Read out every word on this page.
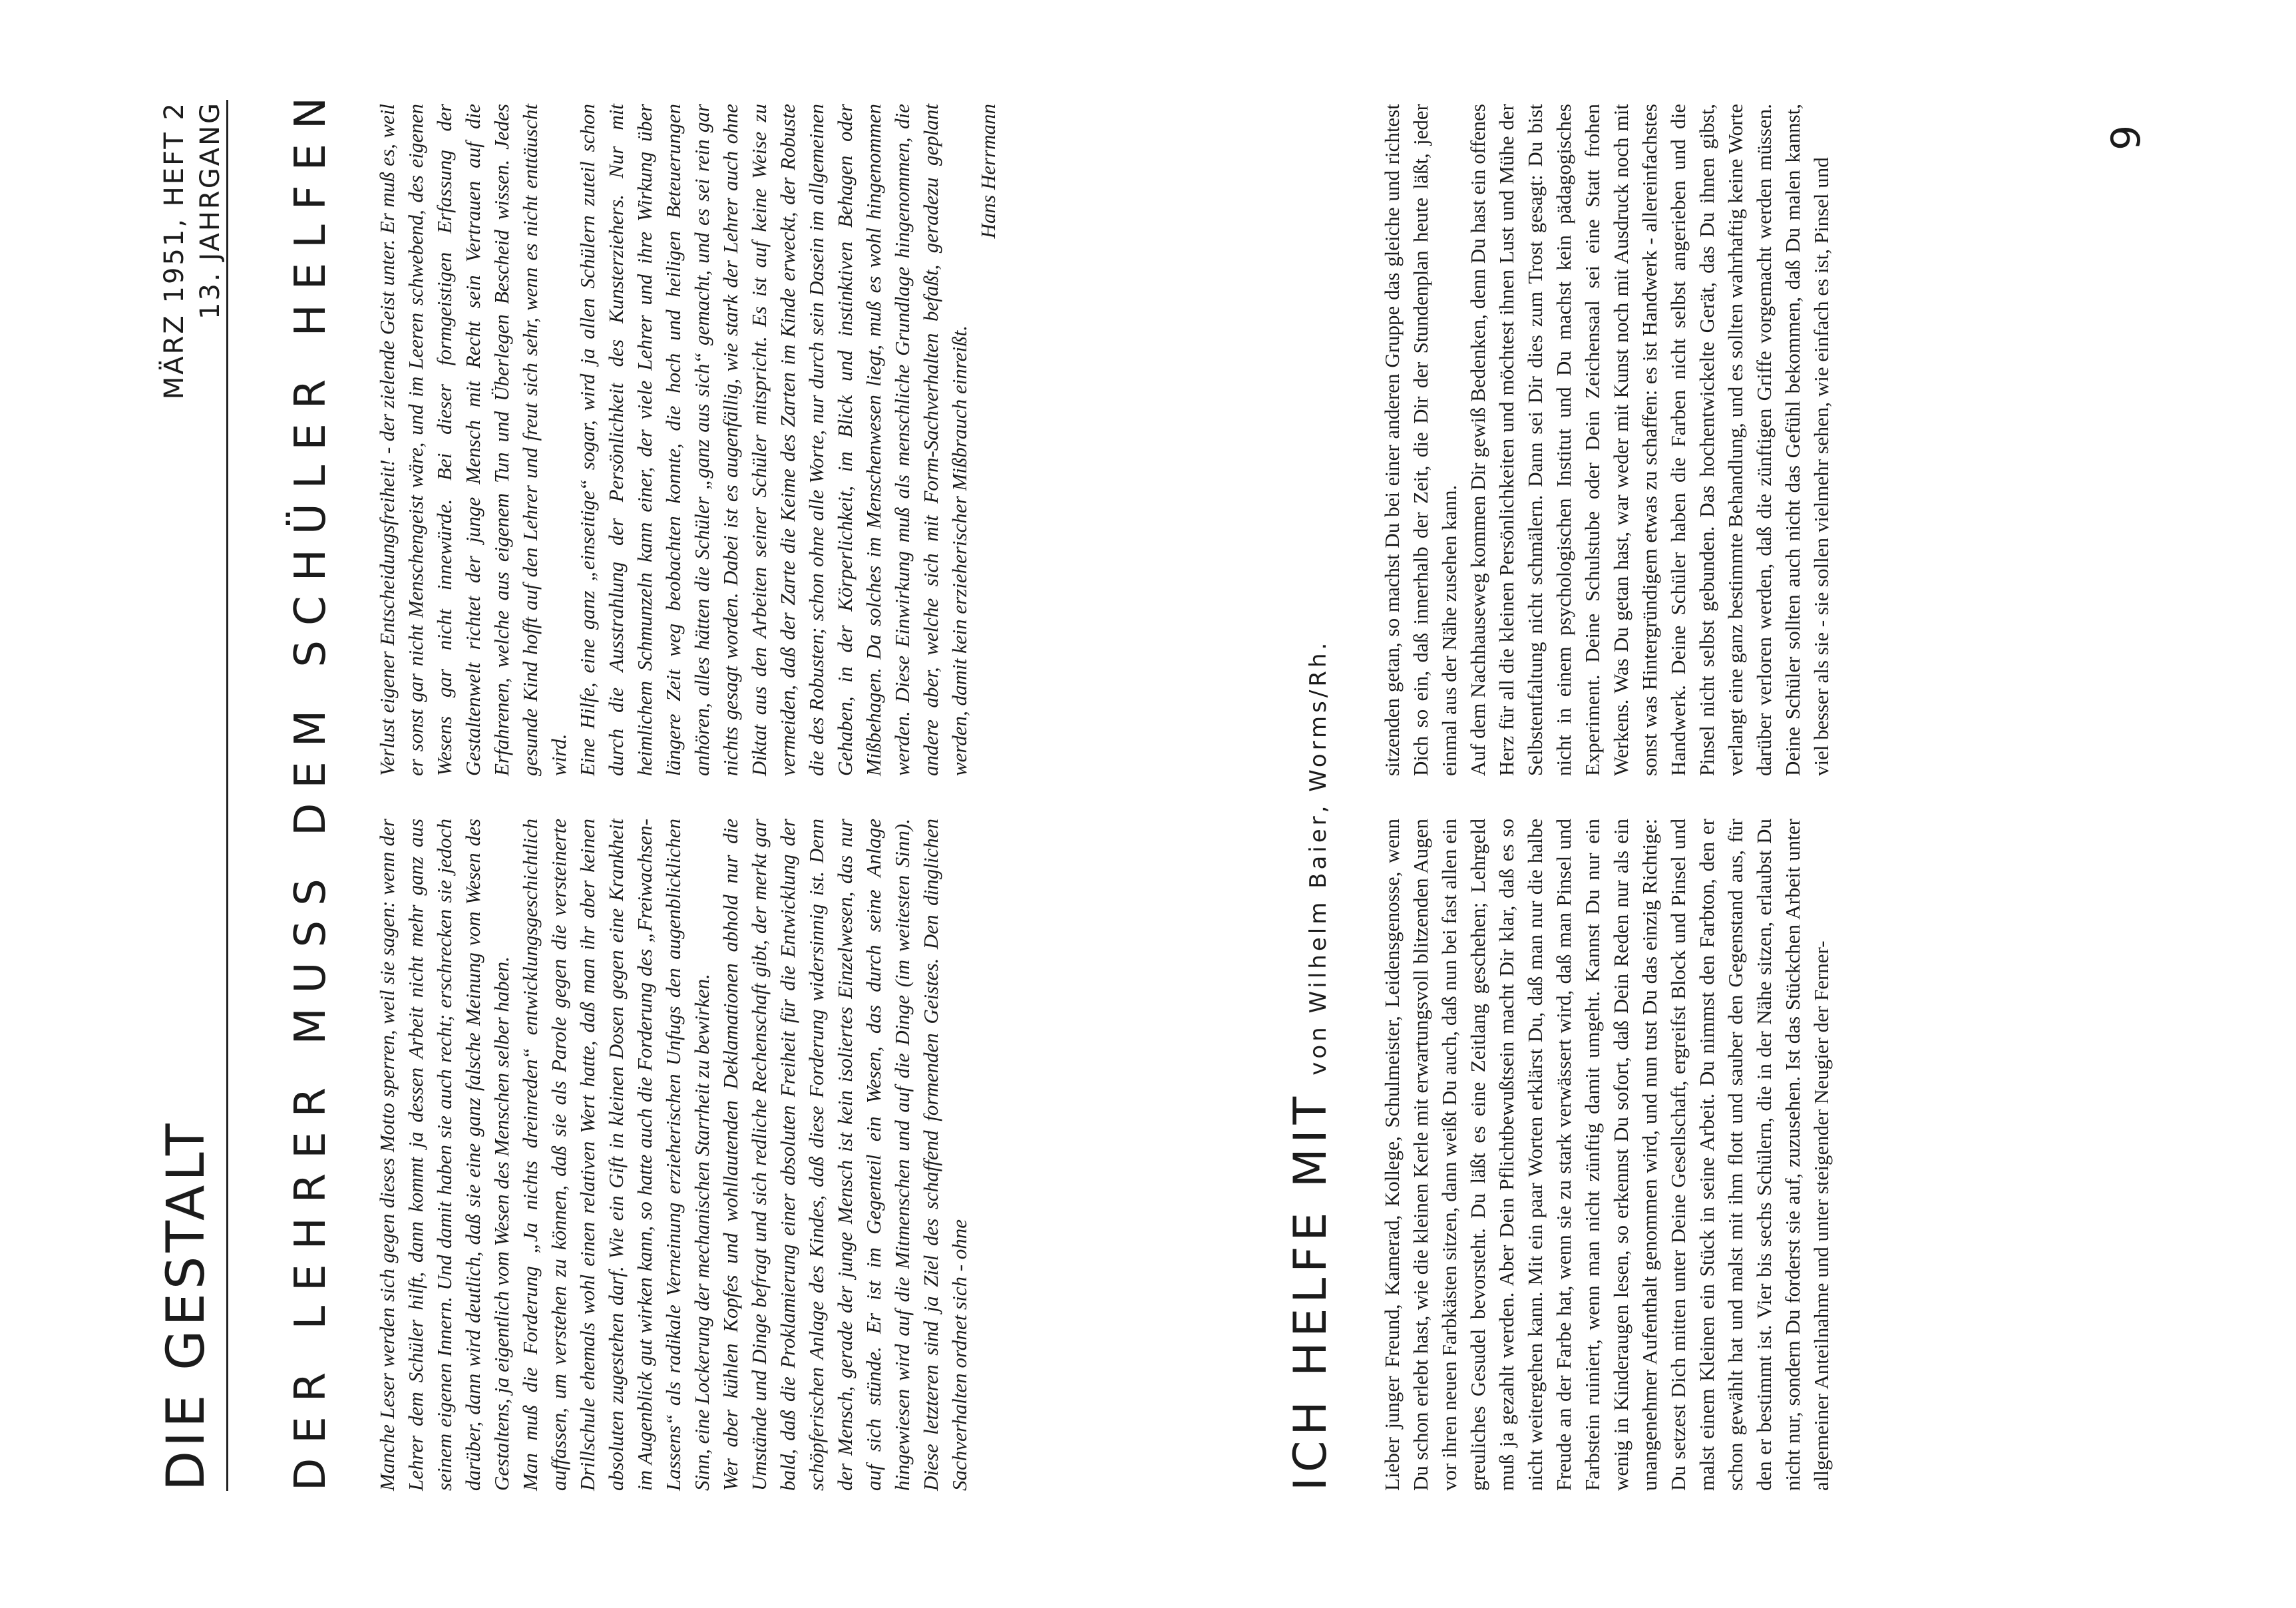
DIE GESTALT
MÄRZ 1951, HEFT 2 13. JAHRGANG DER LEHRER MUSS DEM SCHÜLER HELFEN Manche Leser werden sich gegen dieses Motto sperren, weil sie sagen: wenn der Lehrer dem Schüler hilft, dann kommt ja dessen Arbeit nicht mehr ganz aus seinem eigenen Innern. Und damit haben sie auch recht; erschrecken sie jedoch darüber, dann wird deutlich, daß sie eine ganz falsche Meinung vom Wesen des Gestaltens, ja eigentlich vom Wesen des Menschen selber haben. Man muß die Forderung „Ja nichts dreinreden“ entwicklungsgeschichtlich auffassen, um verstehen zu können, daß sie als Parole gegen die versteinerte Drillschule ehemals wohl einen relativen Wert hatte, daß man ihr aber keinen absoluten zugestehen darf. Wie ein Gift in kleinen Dosen gegen eine Krankheit im Augenblick gut wirken kann, so hatte auch die Forderung des „Freiwachsen-Lassens“ als radikale Verneinung erzieherischen Unfugs den augenblicklichen Sinn, eine Lockerung der mechanischen Starrheit zu bewirken. Wer aber kühlen Kopfes und wohllautenden Deklamationen abhold nur die Umstände und Dinge befragt und sich redliche Rechenschaft gibt, der merkt gar bald, daß die Proklamierung einer absoluten Freiheit für die Entwicklung der schöpferischen Anlage des Kindes, daß diese Forderung widersinnig ist. Denn der Mensch, gerade der junge Mensch ist kein isoliertes Einzelwesen, das nur auf sich stünde. Er ist im Gegenteil ein Wesen, das durch seine Anlage hingewiesen wird auf die Mitmenschen und auf die Dinge (im weitesten Sinn). Diese letzteren sind ja Ziel des schaffend formenden Geistes. Den dinglichen Sachverhalten ordnet sich - ohne

Verlust eigener Entscheidungsfreiheit! - der zielende Geist unter. Er muß es, weil er sonst gar nicht Menschengeist wäre, und im Leeren schwebend, des eigenen Wesens gar nicht innewürde. Bei dieser formgeistigen Erfassung der Gestaltenwelt richtet der junge Mensch mit Recht sein Vertrauen auf die Erfahrenen, welche aus eigenem Tun und Überlegen Bescheid wissen. Jedes gesunde Kind hofft auf den Lehrer und freut sich sehr, wenn es nicht enttäuscht wird. Eine Hilfe, eine ganz „einseitige“ sogar, wird ja allen Schülern zuteil schon durch die Ausstrahlung der Persönlichkeit des Kunsterziehers. Nur mit heimlichem Schmunzeln kann einer, der viele Lehrer und ihre Wirkung über längere Zeit weg beobachten konnte, die hoch und heiligen Beteuerungen anhören, alles hätten die Schüler „ganz aus sich“ gemacht, und es sei rein gar nichts gesagt worden. Dabei ist es augenfällig, wie stark der Lehrer auch ohne Diktat aus den Arbeiten seiner Schüler mitspricht. Es ist auf keine Weise zu vermeiden, daß der Zarte die Keime des Zarten im Kinde erweckt, der Robuste die des Robusten; schon ohne alle Worte, nur durch sein Dasein im allgemeinen Gehaben, in der Körperlichkeit, im Blick und instinktiven Behagen oder Mißbehagen. Da solches im Menschenwesen liegt, muß es wohl hingenommen werden. Diese Einwirkung muß als menschliche Grundlage hingenommen, die andere aber, welche sich mit Form-Sachverhalten befaßt, geradezu geplant werden, damit kein erzieherischer Mißbrauch einreißt.

Hans Herrmann
ICH HELFE MIT von Wilhelm Baier, Worms/Rh. Lieber junger Freund, Kamerad, Kollege, Schulmeister, Leidensgenosse, wenn Du schon erlebt hast, wie die kleinen Kerle mit erwartungsvoll blitzenden Augen vor ihren neuen Farbkästen sitzen, dann weißt Du auch, daß nun bei fast allen ein greuliches Gesudel bevorsteht. Du läßt es eine Zeitlang geschehen; Lehrgeld muß ja gezahlt werden. Aber Dein Pflichtbewußtsein macht Dir klar, daß es so nicht weitergehen kann. Mit ein paar Worten erklärst Du, daß man nur die halbe Freude an der Farbe hat, wenn sie zu stark verwässert wird, daß man Pinsel und Farbstein ruiniert, wenn man nicht zünftig damit umgeht. Kannst Du nur ein wenig in Kinderaugen lesen, so erkennst Du sofort, daß Dein Reden nur als ein unangenehmer Aufenthalt genommen wird, und nun tust Du das einzig Richtige: Du setzest Dich mitten unter Deine Gesellschaft, ergreifst Block und Pinsel und malst einem Kleinen ein Stück in seine Arbeit. Du nimmst den Farbton, den er schon gewählt hat und malst mit ihm flott und sauber den Gegenstand aus, für den er bestimmt ist. Vier bis sechs Schülern, die in der Nähe sitzen, erlaubst Du nicht nur, sondern Du forderst sie auf, zuzusehen. Ist das Stückchen Arbeit unter allgemeiner Anteilnahme und unter steigender Neugier der Ferner-

sitzenden getan, so machst Du bei einer anderen Gruppe das gleiche und richtest Dich so ein, daß innerhalb der Zeit, die Dir der Stundenplan heute läßt, jeder einmal aus der Nähe zusehen kann. Auf dem Nachhauseweg kommen Dir gewiß Bedenken, denn Du hast ein offenes Herz für all die kleinen Persönlichkeiten und möchtest ihnen Lust und Mühe der Selbstentfaltung nicht schmälern. Dann sei Dir dies zum Trost gesagt: Du bist nicht in einem psychologischen Institut und Du machst kein pädagogisches Experiment. Deine Schulstube oder Dein Zeichensaal sei eine Statt frohen Werkens. Was Du getan hast, war weder mit Kunst noch mit Ausdruck noch mit sonst was Hintergründigem etwas zu schaffen: es ist Handwerk - allereinfachstes Handwerk. Deine Schüler haben die Farben nicht selbst angerieben und die Pinsel nicht selbst gebunden. Das hochentwickelte Gerät, das Du ihnen gibst, verlangt eine ganz bestimmte Behandlung, und es sollten wahrhaftig keine Worte darüber verloren werden, daß die zünftigen Griffe vorgemacht werden müssen. Deine Schüler sollten auch nicht das Gefühl bekommen, daß Du malen kannst, viel besser als sie - sie sollen vielmehr sehen, wie einfach es ist, Pinsel und

9
